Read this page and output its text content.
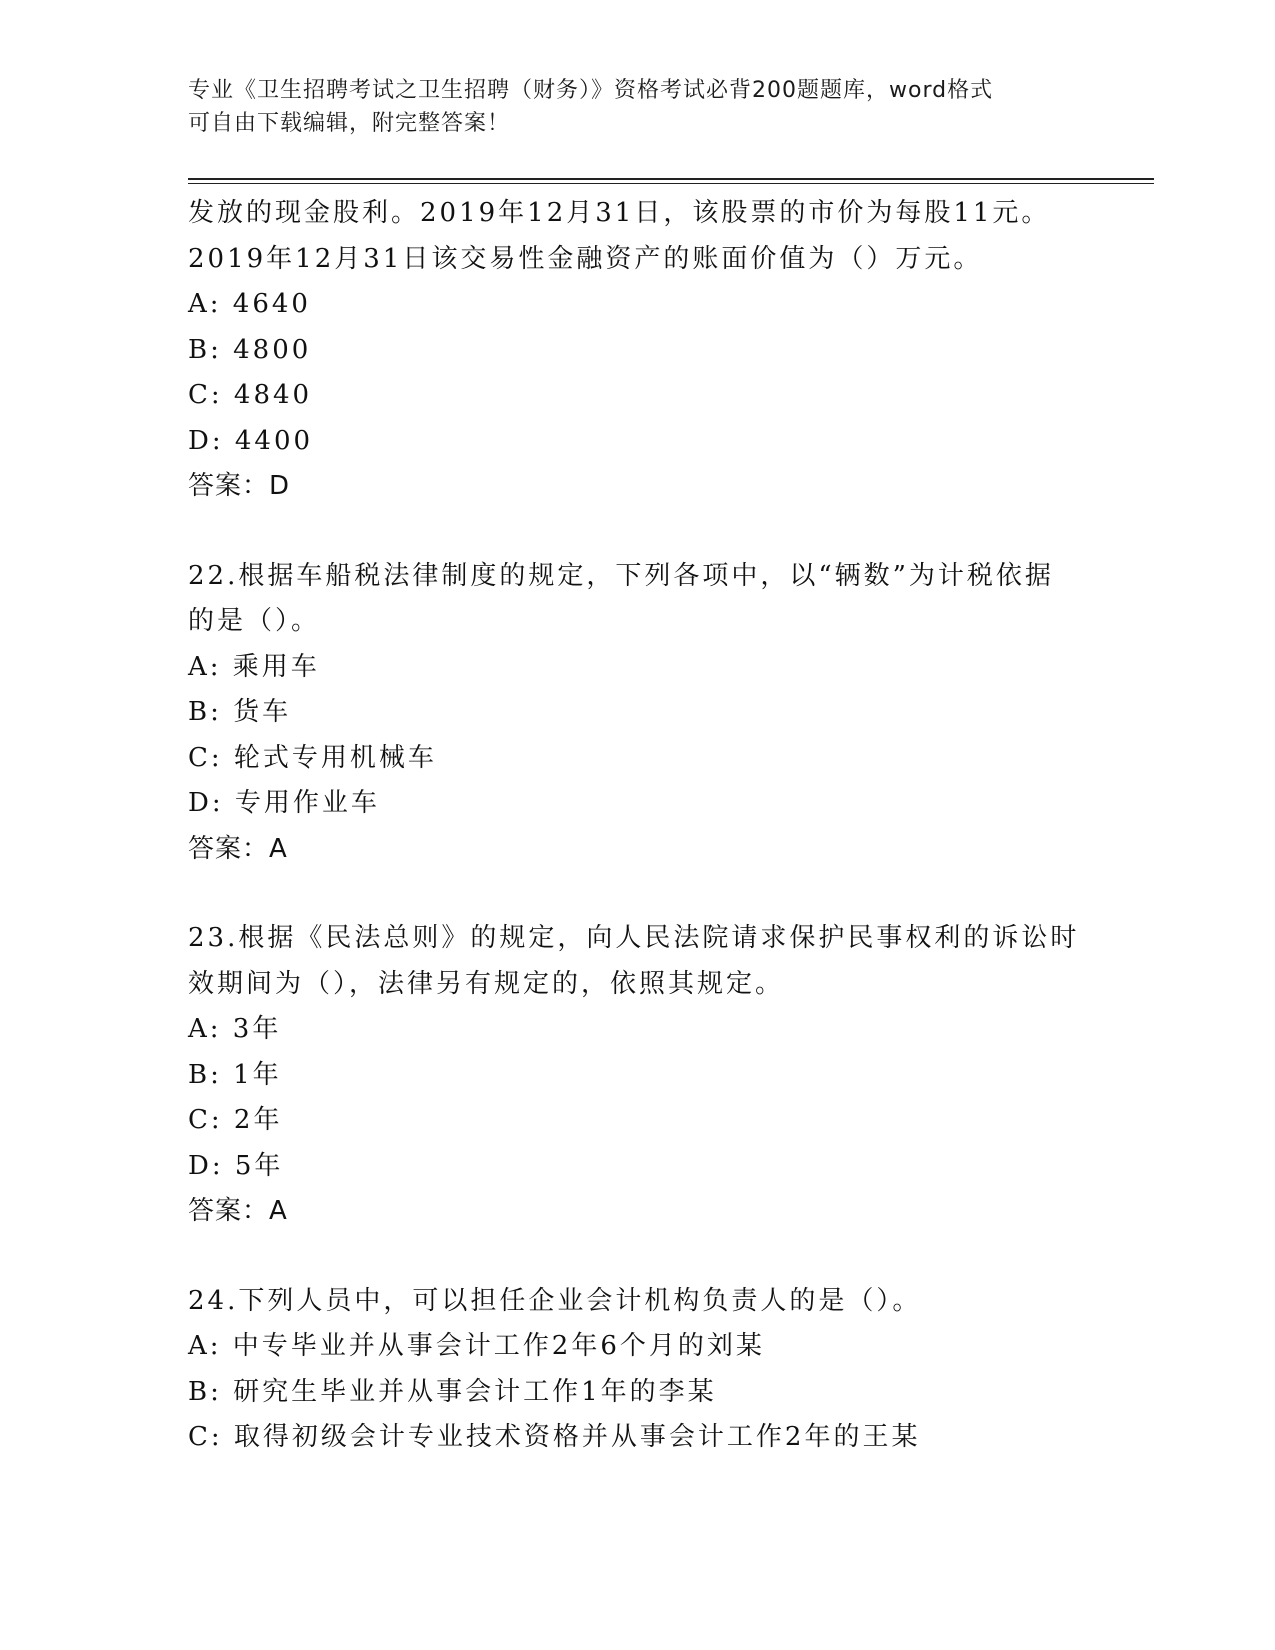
专业《卫生招聘考试之卫生招聘（财务）》资格考试必背200题题库，word格式
可自由下载编辑，附完整答案！
发放的现金股利。2019年12月31日，该股票的市价为每股11元。
2019年12月31日该交易性金融资产的账面价值为（）万元。
A: 4640
B: 4800
C: 4840
D: 4400
答案：D
22.根据车船税法律制度的规定，下列各项中，以“辆数”为计税依据
的是（）。
A: 乘用车
B: 货车
C: 轮式专用机械车
D: 专用作业车
答案：A
23.根据《民法总则》的规定，向人民法院请求保护民事权利的诉讼时
效期间为（），法律另有规定的，依照其规定。
A: 3年
B: 1年
C: 2年
D: 5年
答案：A
24.下列人员中，可以担任企业会计机构负责人的是（）。
A: 中专毕业并从事会计工作2年6个月的刘某
B: 研究生毕业并从事会计工作1年的李某
C: 取得初级会计专业技术资格并从事会计工作2年的王某
